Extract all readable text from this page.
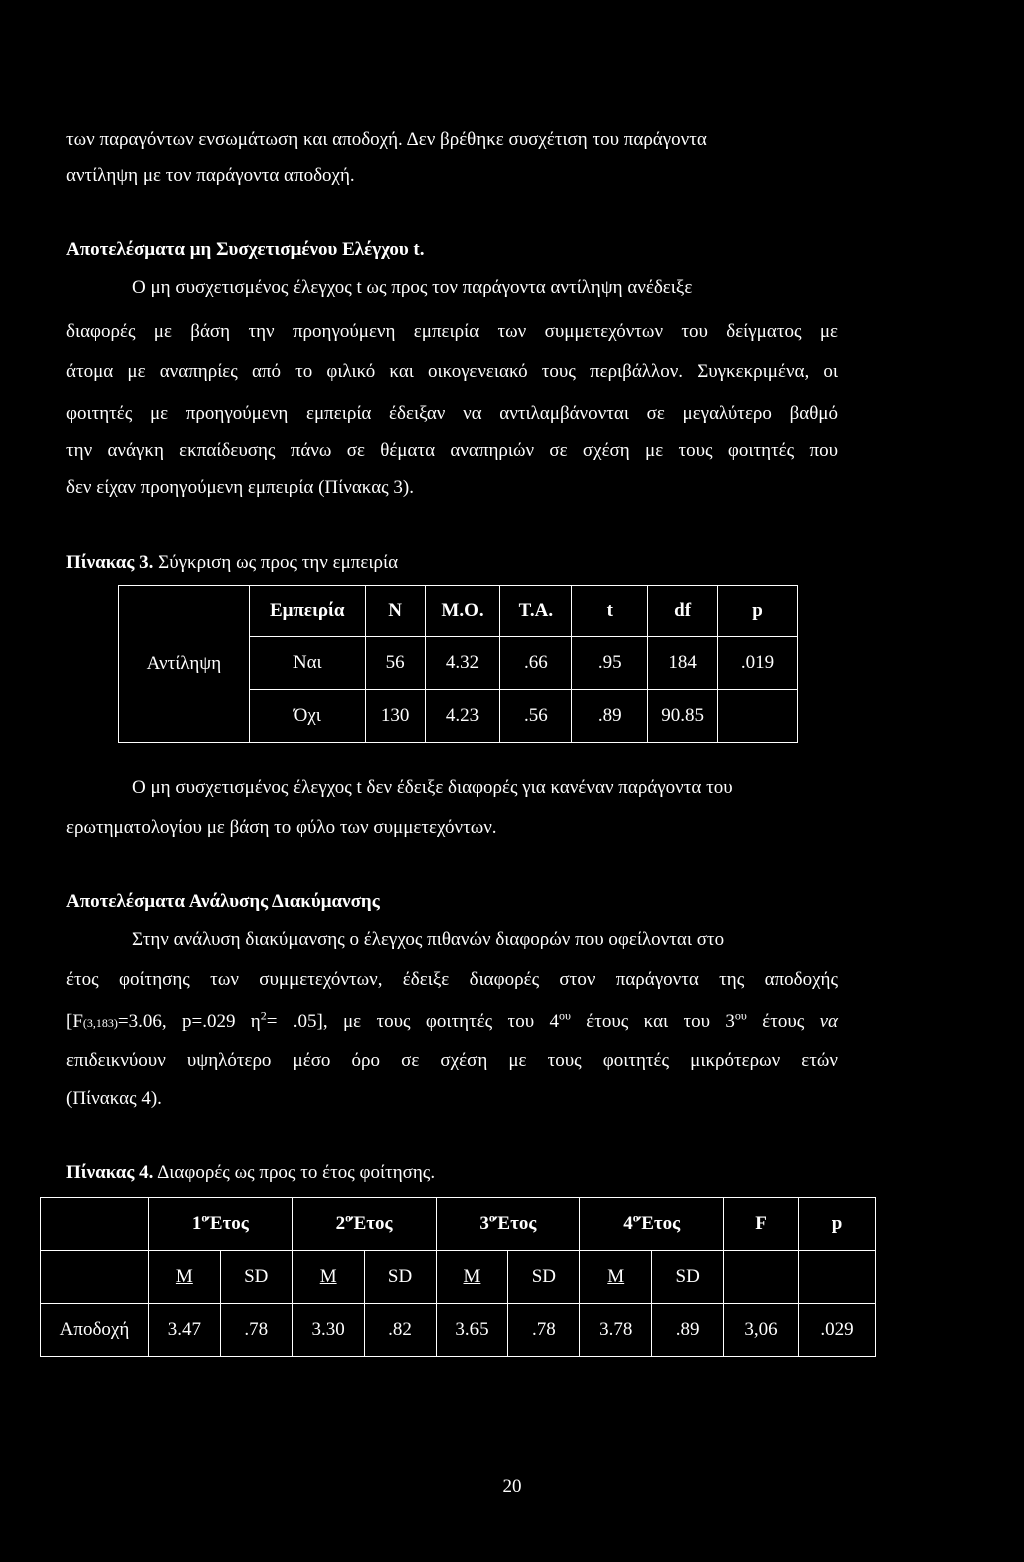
των παραγόντων ενσωμάτωση και αποδοχή. Δεν βρέθηκε συσχέτιση του παράγοντα
αντίληψη με τον παράγοντα αποδοχή.
Αποτελέσματα μη Συσχετισμένου Ελέγχου t.
Ο μη συσχετισμένος έλεγχος t ως προς τον παράγοντα αντίληψη ανέδειξε
διαφορές με βάση την προηγούμενη εμπειρία των συμμετεχόντων του δείγματος με
άτομα με αναπηρίες από το φιλικό και οικογενειακό τους περιβάλλον. Συγκεκριμένα, οι
φοιτητές με προηγούμενη εμπειρία έδειξαν να αντιλαμβάνονται σε μεγαλύτερο βαθμό
την ανάγκη εκπαίδευσης πάνω σε θέματα αναπηριών σε σχέση με τους φοιτητές που
δεν είχαν προηγούμενη εμπειρία (Πίνακας 3).
Πίνακας 3. Σύγκριση ως προς την εμπειρία
Αντίληψη	Εμπειρία	N	Μ.Ο.	Τ.Α.	t	df	p
	Ναι	56	4.32	.66	.95	184	.019
	Όχι	130	4.23	.56	.89	90.85	
Ο μη συσχετισμένος έλεγχος t δεν έδειξε διαφορές για κανέναν παράγοντα του
ερωτηματολογίου με βάση το φύλο των συμμετεχόντων.
Αποτελέσματα Ανάλυσης Διακύμανσης
Στην ανάλυση διακύμανσης ο έλεγχος πιθανών διαφορών που οφείλονται στο
έτος φοίτησης των συμμετεχόντων, έδειξε διαφορές στον παράγοντα της αποδοχής
[F(3,183)=3.06, p=.029 $\eta^2= .05$], με τους φοιτητές του $4^{o\upsilon}$ έτους και του $3^{o\upsilon}$ έτους να
επιδεικνύουν υψηλότερο μέσο όρο σε σχέση με τους φοιτητές μικρότερων ετών
(Πίνακας 4).
Πίνακας 4. Διαφορές ως προς το έτος φοίτησης.
	$1^oΈ\tau o\varsigma$		$2^oΈ\tau o\varsigma$		$3^oΈ\tau o\varsigma$		$4^oΈ\tau o\varsigma$		F	p
	M	SD	M	SD	M	SD	M	SD		
Αποδοχή	3.47	.78	3.30	.82	3.65	.78	3.78	.89	3,06	.029
20
